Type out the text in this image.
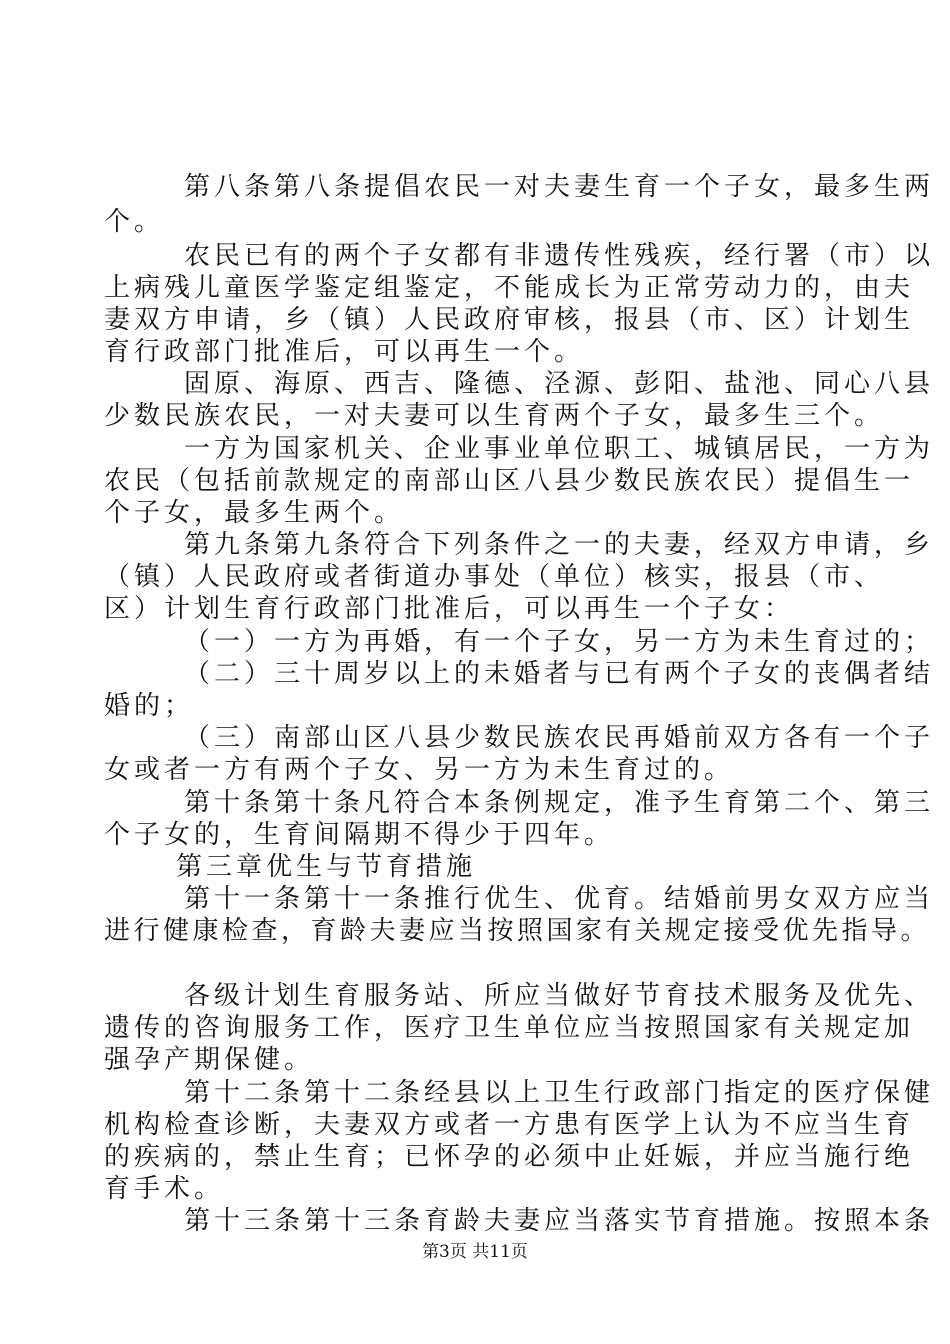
第八条第八条提倡农民一对夫妻生育一个子女，最多生两
个。
农民已有的两个子女都有非遗传性残疾，经行署（市）以
上病残儿童医学鉴定组鉴定，不能成长为正常劳动力的，由夫
妻双方申请，乡（镇）人民政府审核，报县（市、区）计划生
育行政部门批准后，可以再生一个。
固原、海原、西吉、隆德、泾源、彭阳、盐池、同心八县
少数民族农民，一对夫妻可以生育两个子女，最多生三个。
一方为国家机关、企业事业单位职工、城镇居民，一方为
农民（包括前款规定的南部山区八县少数民族农民）提倡生一
个子女，最多生两个。
第九条第九条符合下列条件之一的夫妻，经双方申请，乡
（镇）人民政府或者街道办事处（单位）核实，报县（市、
区）计划生育行政部门批准后，可以再生一个子女：
（一）一方为再婚，有一个子女，另一方为未生育过的；
（二）三十周岁以上的未婚者与已有两个子女的丧偶者结
婚的；
（三）南部山区八县少数民族农民再婚前双方各有一个子
女或者一方有两个子女、另一方为未生育过的。
第十条第十条凡符合本条例规定，准予生育第二个、第三
个子女的，生育间隔期不得少于四年。
第三章优生与节育措施
第十一条第十一条推行优生、优育。结婚前男女双方应当
进行健康检查，育龄夫妻应当按照国家有关规定接受优先指导。
各级计划生育服务站、所应当做好节育技术服务及优先、
遗传的咨询服务工作，医疗卫生单位应当按照国家有关规定加
强孕产期保健。
第十二条第十二条经县以上卫生行政部门指定的医疗保健
机构检查诊断，夫妻双方或者一方患有医学上认为不应当生育
的疾病的，禁止生育；已怀孕的必须中止妊娠，并应当施行绝
育手术。
第十三条第十三条育龄夫妻应当落实节育措施。按照本条
第3页 共11页
